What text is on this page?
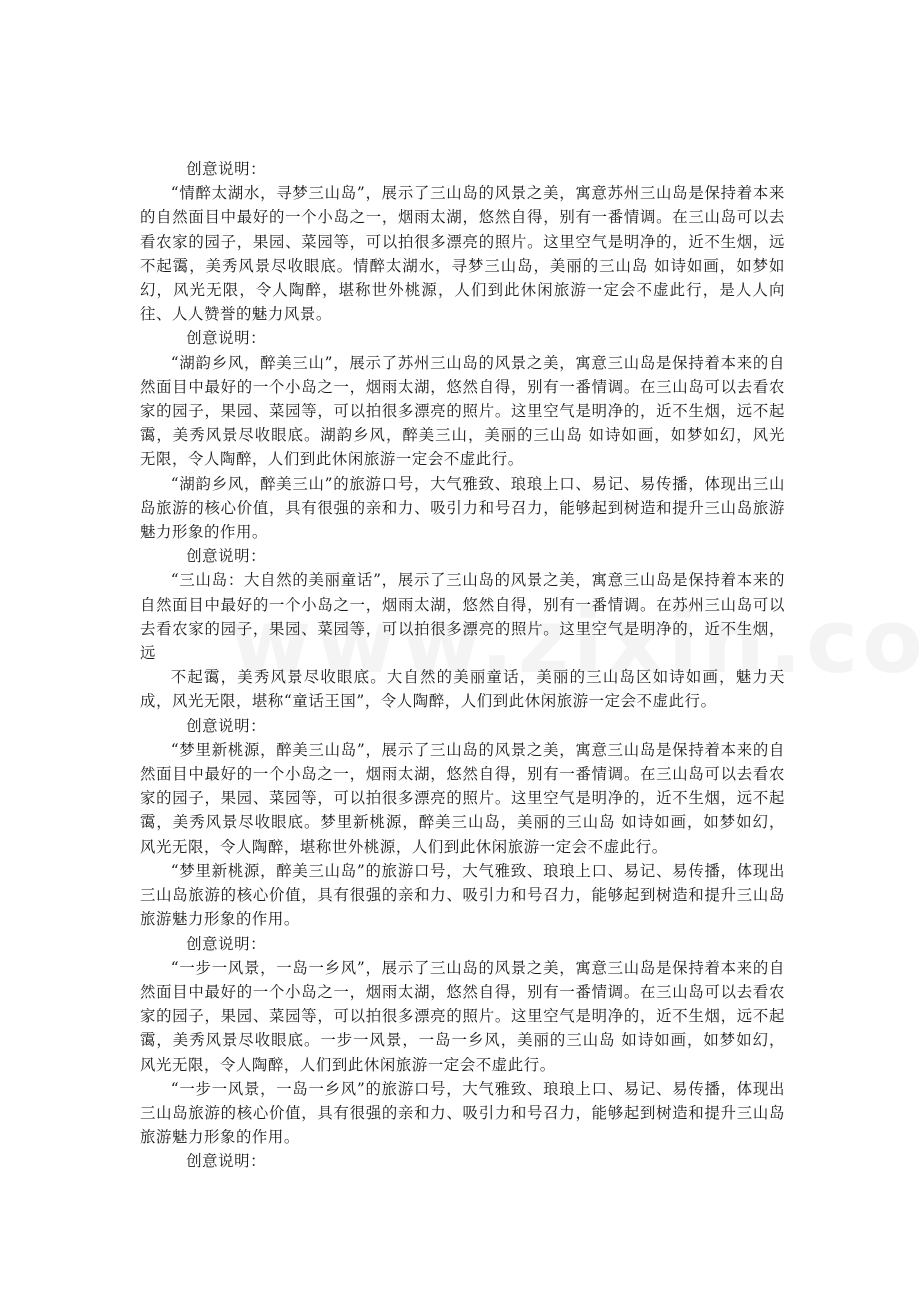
创意说明：

“情醉太湖水，寻梦三山岛”，展示了三山岛的风景之美，寓意苏州三山岛是保持着本来的自然面目中最好的一个小岛之一，烟雨太湖，悠然自得，别有一番情调。在三山岛可以去看农家的园子，果园、菜园等，可以拍很多漂亮的照片。这里空气是明净的，近不生烟，远不起霭，美秀风景尽收眼底。情醉太湖水，寻梦三山岛，美丽的三山岛 如诗如画，如梦如幻，风光无限，令人陶醉，堪称世外桃源，人们到此休闲旅游一定会不虚此行，是人人向往、人人赞誉的魅力风景。

创意说明：

“湖韵乡风，醉美三山”，展示了苏州三山岛的风景之美，寓意三山岛是保持着本来的自然面目中最好的一个小岛之一，烟雨太湖，悠然自得，别有一番情调。在三山岛可以去看农家的园子，果园、菜园等，可以拍很多漂亮的照片。这里空气是明净的，近不生烟，远不起霭，美秀风景尽收眼底。湖韵乡风，醉美三山，美丽的三山岛 如诗如画，如梦如幻，风光无限，令人陶醉，人们到此休闲旅游一定会不虚此行。

“湖韵乡风，醉美三山”的旅游口号，大气雅致、琅琅上口、易记、易传播，体现出三山岛旅游的核心价值，具有很强的亲和力、吸引力和号召力，能够起到树造和提升三山岛旅游魅力形象的作用。

创意说明：

“三山岛：大自然的美丽童话”，展示了三山岛的风景之美，寓意三山岛是保持着本来的自然面目中最好的一个小岛之一，烟雨太湖，悠然自得，别有一番情调。在苏州三山岛可以去看农家的园子，果园、菜园等，可以拍很多漂亮的照片。这里空气是明净的，近不生烟，远

不起霭，美秀风景尽收眼底。大自然的美丽童话，美丽的三山岛区如诗如画，魅力天成，风光无限，堪称“童话王国”，令人陶醉，人们到此休闲旅游一定会不虚此行。

创意说明：

“梦里新桃源，醉美三山岛”，展示了三山岛的风景之美，寓意三山岛是保持着本来的自然面目中最好的一个小岛之一，烟雨太湖，悠然自得，别有一番情调。在三山岛可以去看农家的园子，果园、菜园等，可以拍很多漂亮的照片。这里空气是明净的，近不生烟，远不起霭，美秀风景尽收眼底。梦里新桃源，醉美三山岛，美丽的三山岛 如诗如画，如梦如幻，风光无限，令人陶醉，堪称世外桃源，人们到此休闲旅游一定会不虚此行。

“梦里新桃源，醉美三山岛”的旅游口号，大气雅致、琅琅上口、易记、易传播，体现出三山岛旅游的核心价值，具有很强的亲和力、吸引力和号召力，能够起到树造和提升三山岛旅游魅力形象的作用。

创意说明：

“一步一风景，一岛一乡风”，展示了三山岛的风景之美，寓意三山岛是保持着本来的自然面目中最好的一个小岛之一，烟雨太湖，悠然自得，别有一番情调。在三山岛可以去看农家的园子，果园、菜园等，可以拍很多漂亮的照片。这里空气是明净的，近不生烟，远不起霭，美秀风景尽收眼底。一步一风景，一岛一乡风，美丽的三山岛 如诗如画，如梦如幻，风光无限，令人陶醉，人们到此休闲旅游一定会不虚此行。

“一步一风景，一岛一乡风”的旅游口号，大气雅致、琅琅上口、易记、易传播，体现出三山岛旅游的核心价值，具有很强的亲和力、吸引力和号召力，能够起到树造和提升三山岛旅游魅力形象的作用。

创意说明：
